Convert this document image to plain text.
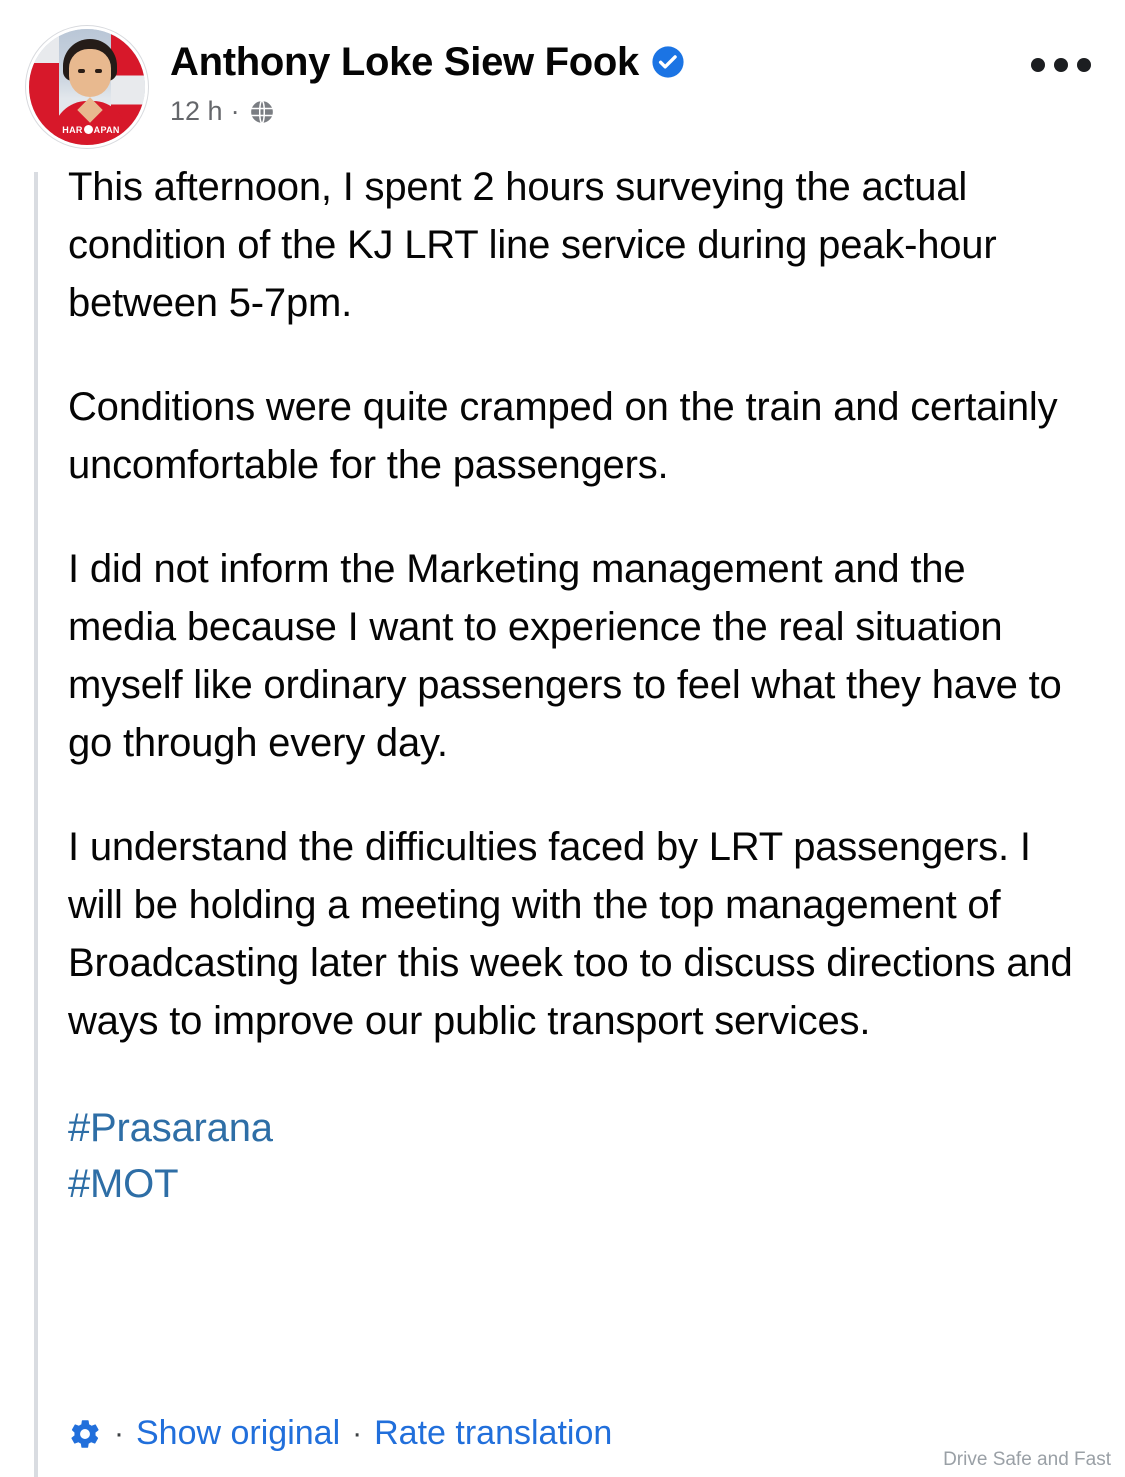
HAR APAN
Anthony Loke Siew Fook
12 h ·

This afternoon, I spent 2 hours surveying the actual condition of the KJ LRT line service during peak-hour between 5-7pm.

Conditions were quite cramped on the train and certainly uncomfortable for the passengers.

I did not inform the Marketing management and the media because I want to experience the real situation myself like ordinary passengers to feel what they have to go through every day.

I understand the difficulties faced by LRT passengers. I will be holding a meeting with the top management of Broadcasting later this week too to discuss directions and ways to improve our public transport services.

#Prasarana
#MOT
· Show original · Rate translation
Drive Safe and Fast
